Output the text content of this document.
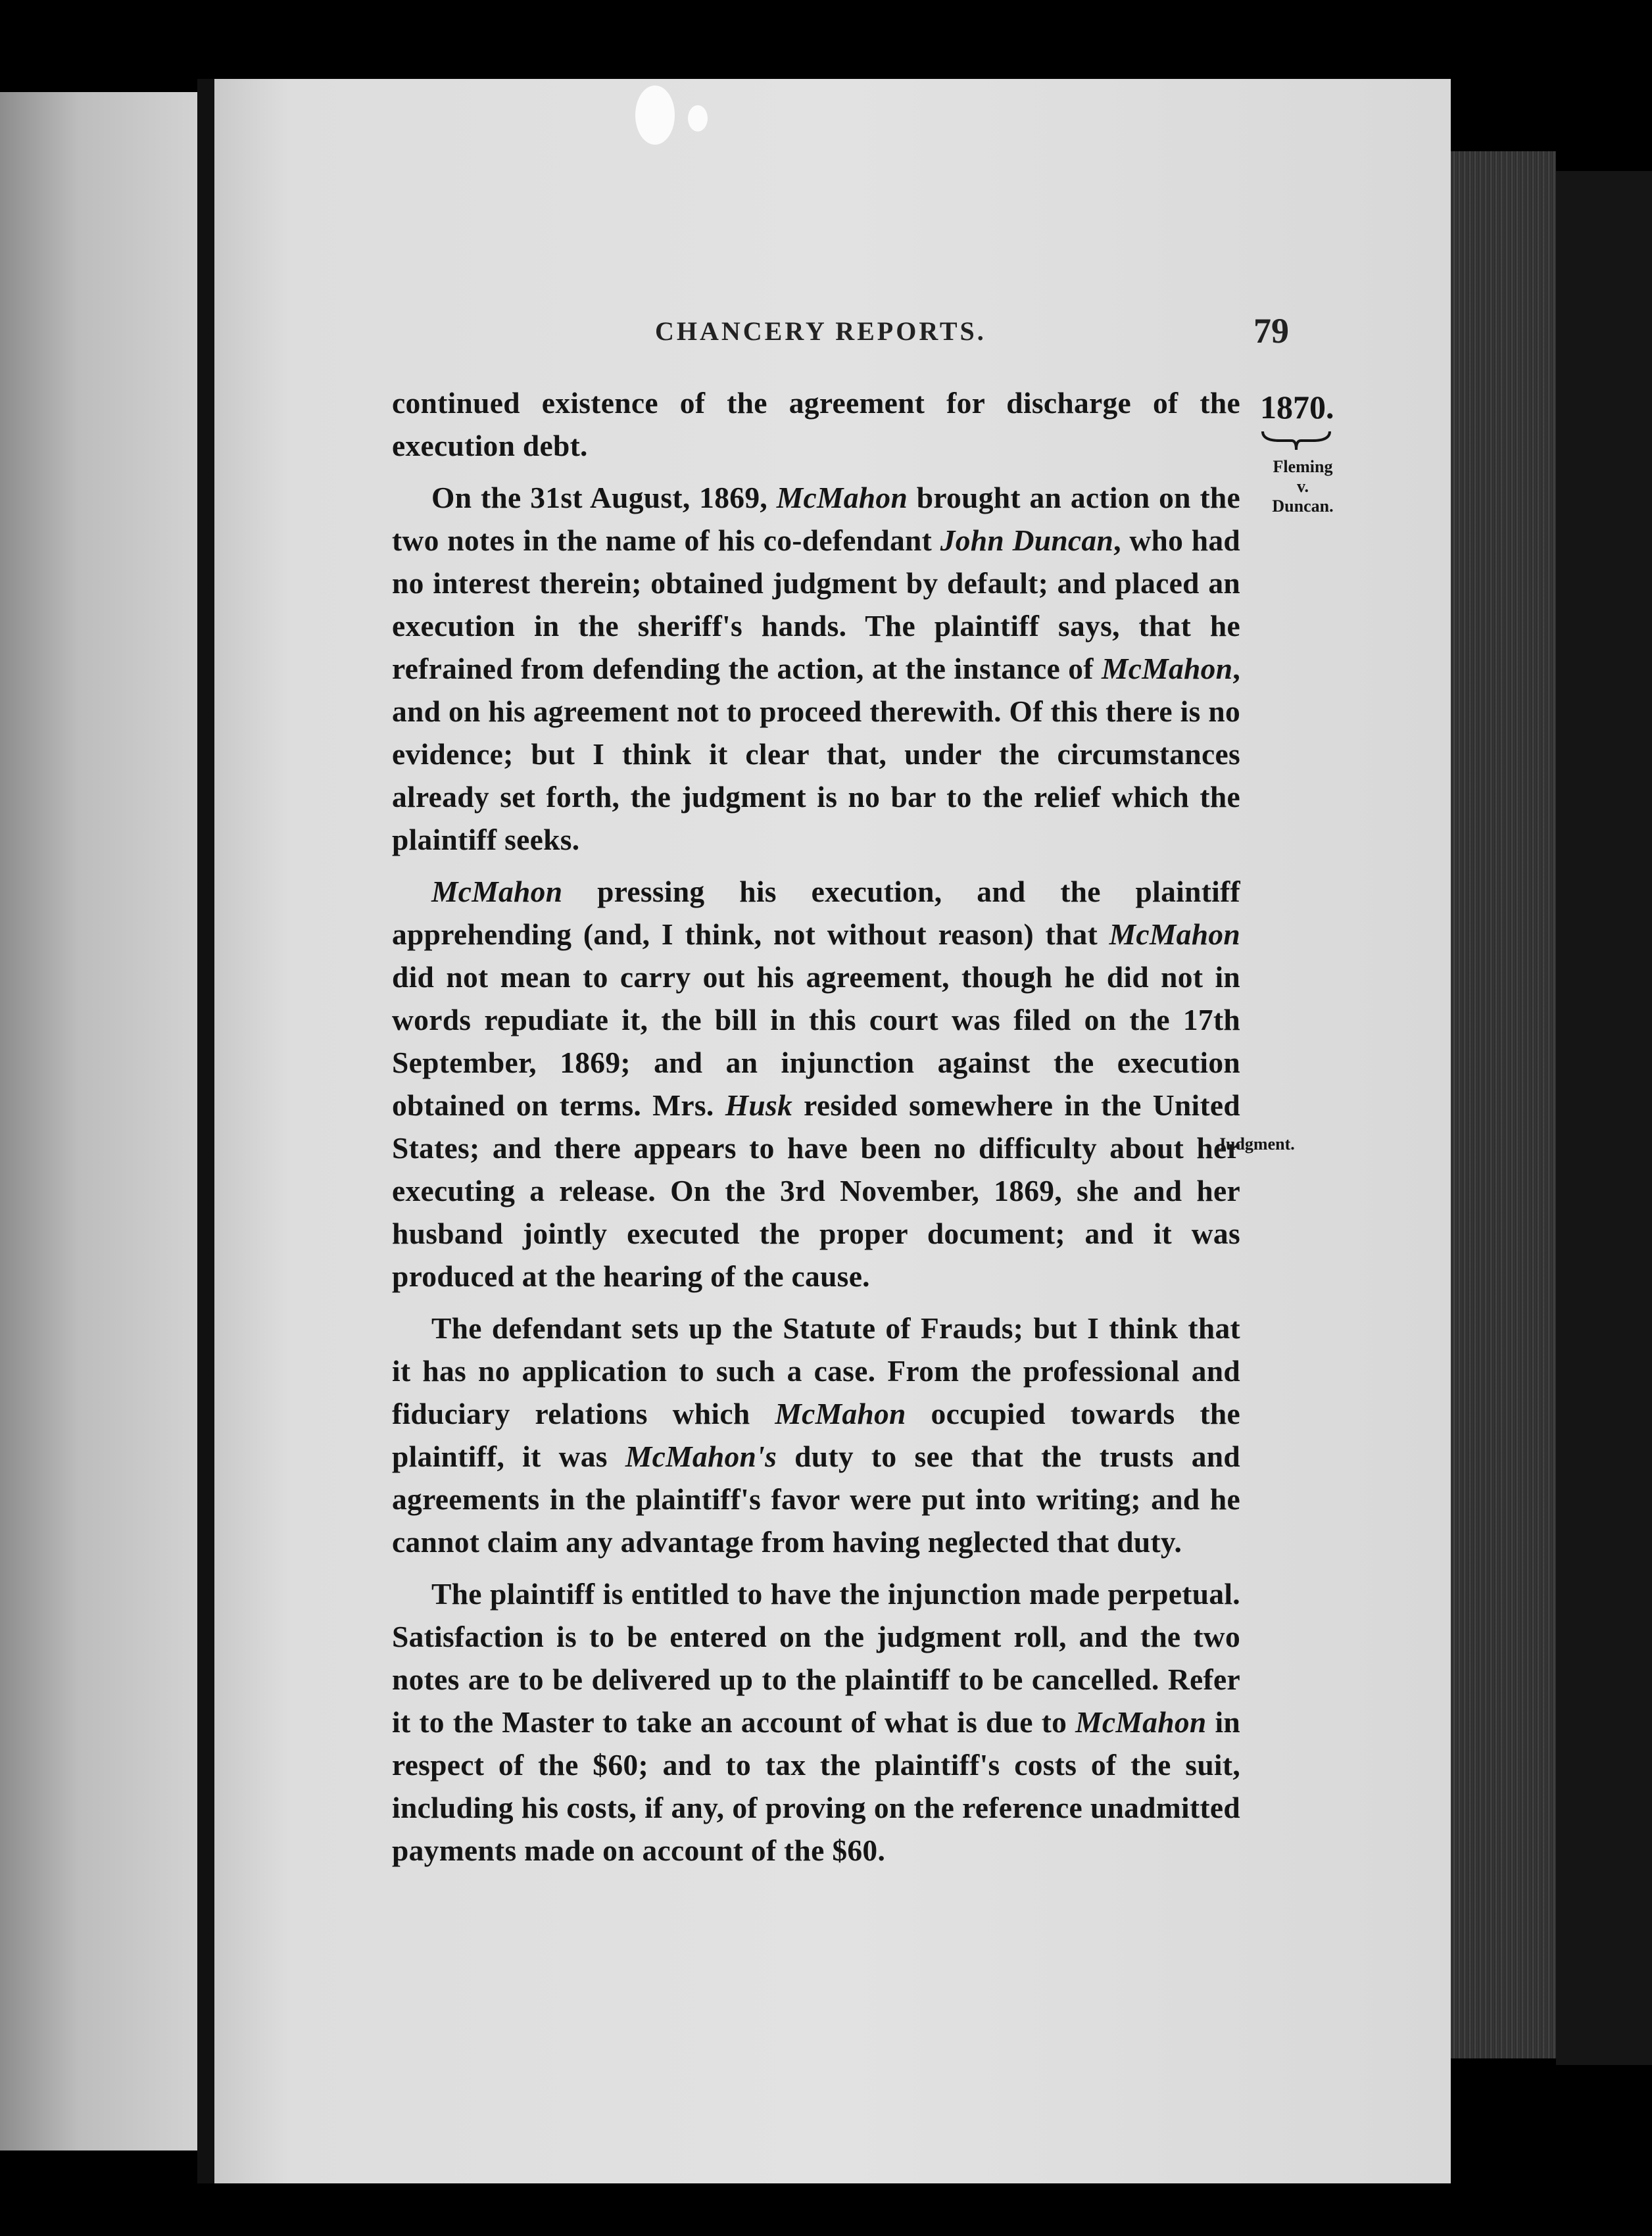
CHANCERY REPORTS.	79
1870.
Fleming
v.
Duncan.
Judgment.

continued existence of the agreement for discharge of the execution debt.

On the 31st August, 1869, McMahon brought an action on the two notes in the name of his co-defendant John Duncan, who had no interest therein; obtained judgment by default; and placed an execution in the sheriff's hands. The plaintiff says, that he refrained from defending the action, at the instance of McMahon, and on his agreement not to proceed therewith. Of this there is no evidence; but I think it clear that, under the circumstances already set forth, the judgment is no bar to the relief which the plaintiff seeks.

McMahon pressing his execution, and the plaintiff apprehending (and, I think, not without reason) that McMahon did not mean to carry out his agreement, though he did not in words repudiate it, the bill in this court was filed on the 17th September, 1869; and an injunction against the execution obtained on terms. Mrs. Husk resided somewhere in the United States; and there appears to have been no difficulty about her executing a release. On the 3rd November, 1869, she and her husband jointly executed the proper document; and it was produced at the hearing of the cause.

The defendant sets up the Statute of Frauds; but I think that it has no application to such a case. From the professional and fiduciary relations which McMahon occupied towards the plaintiff, it was McMahon's duty to see that the trusts and agreements in the plaintiff's favor were put into writing; and he cannot claim any advantage from having neglected that duty.

The plaintiff is entitled to have the injunction made perpetual. Satisfaction is to be entered on the judgment roll, and the two notes are to be delivered up to the plaintiff to be cancelled. Refer it to the Master to take an account of what is due to McMahon in respect of the $60; and to tax the plaintiff's costs of the suit, including his costs, if any, of proving on the reference unadmitted payments made on account of the $60.
